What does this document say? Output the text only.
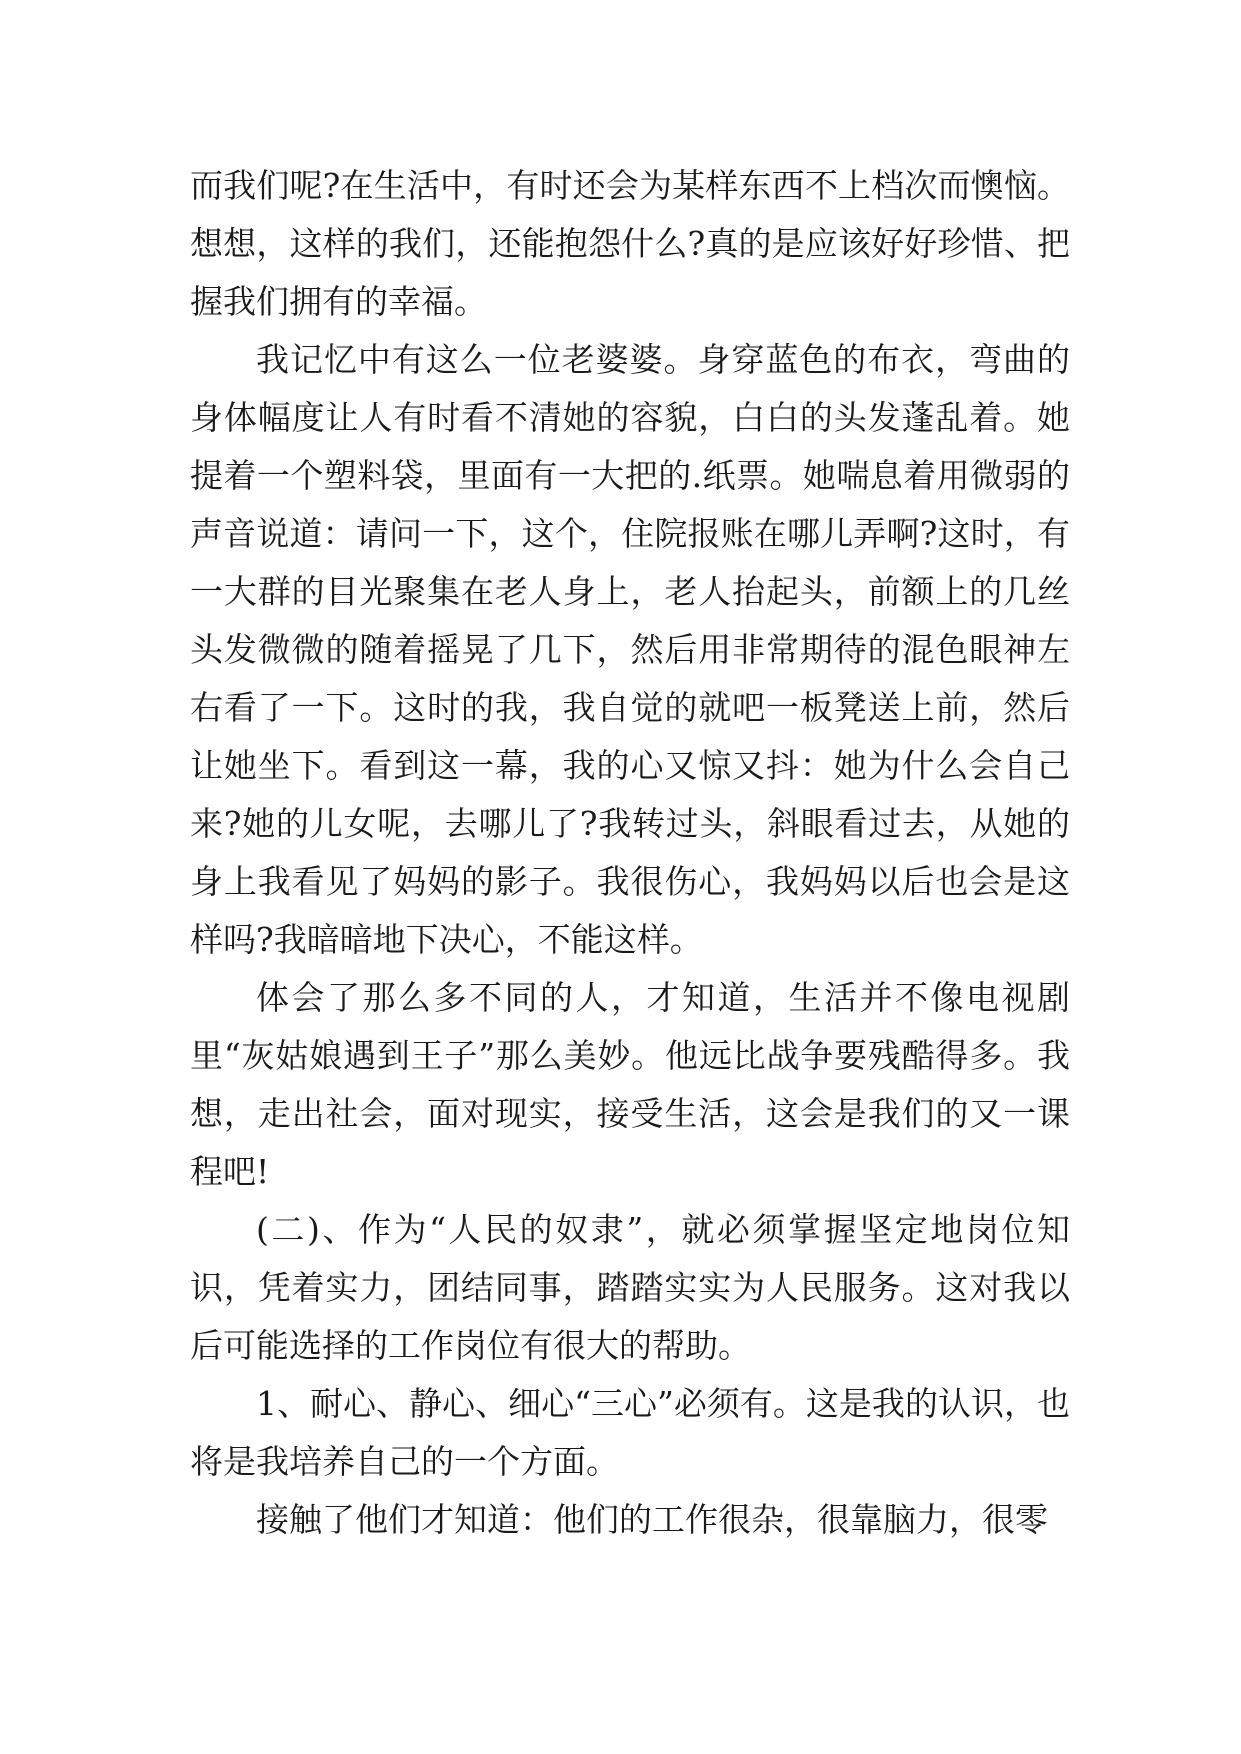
而我们呢?在生活中，有时还会为某样东西不上档次而懊恼。想想，这样的我们，还能抱怨什么?真的是应该好好珍惜、把握我们拥有的幸福。

我记忆中有这么一位老婆婆。身穿蓝色的布衣，弯曲的身体幅度让人有时看不清她的容貌，白白的头发蓬乱着。她提着一个塑料袋，里面有一大把的.纸票。她喘息着用微弱的声音说道：请问一下，这个，住院报账在哪儿弄啊?这时，有一大群的目光聚集在老人身上，老人抬起头，前额上的几丝头发微微的随着摇晃了几下，然后用非常期待的混色眼神左右看了一下。这时的我，我自觉的就吧一板凳送上前，然后让她坐下。看到这一幕，我的心又惊又抖：她为什么会自己来?她的儿女呢，去哪儿了?我转过头，斜眼看过去，从她的身上我看见了妈妈的影子。我很伤心，我妈妈以后也会是这样吗?我暗暗地下决心，不能这样。

体会了那么多不同的人，才知道，生活并不像电视剧里“灰姑娘遇到王子”那么美妙。他远比战争要残酷得多。我想，走出社会，面对现实，接受生活，这会是我们的又一课程吧!

(二)、作为“人民的奴隶”，就必须掌握坚定地岗位知识，凭着实力，团结同事，踏踏实实为人民服务。这对我以后可能选择的工作岗位有很大的帮助。

1、耐心、静心、细心“三心”必须有。这是我的认识，也将是我培养自己的一个方面。

接触了他们才知道：他们的工作很杂，很靠脑力，很零
